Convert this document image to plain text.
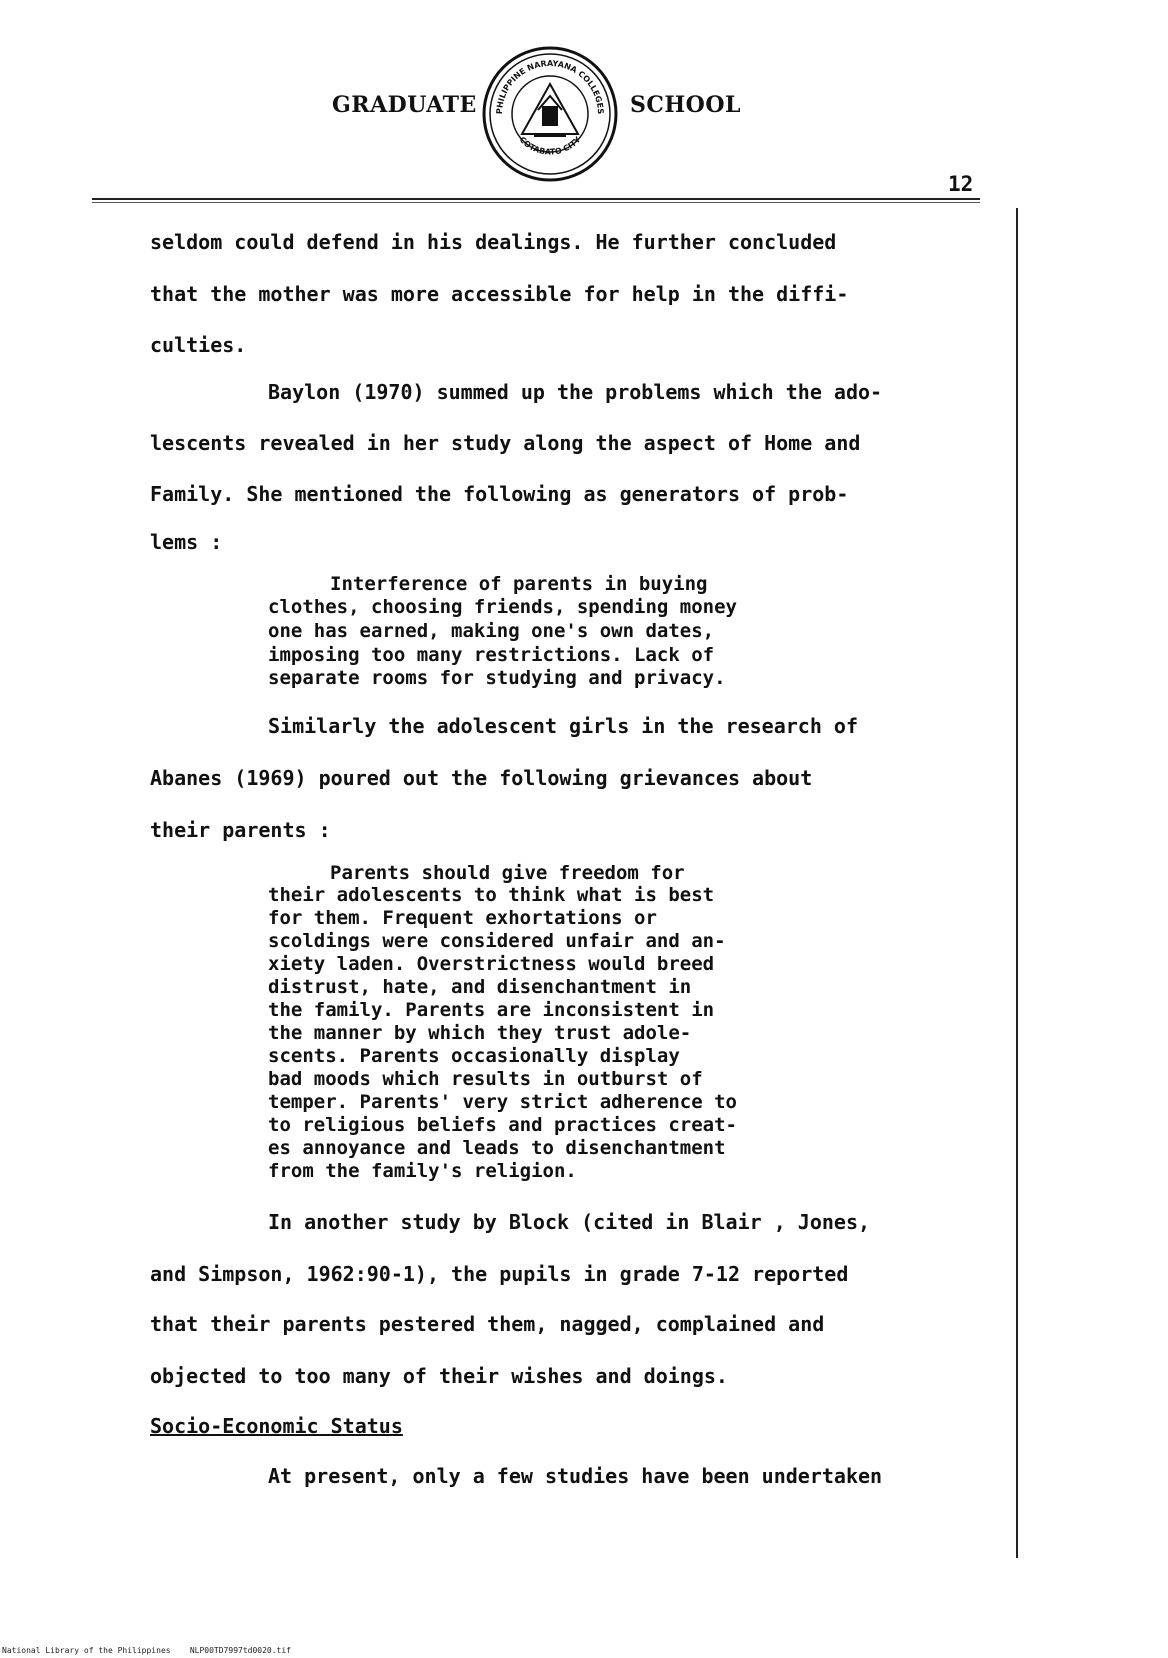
GRADUATE PHILIPPINE NARAYANA COLLEGES
COTABATO CITY
SCHOOL
12
seldom could defend in his dealings. He further concluded
that the mother was more accessible for help in the diffi-
culties.
Baylon (1970) summed up the problems which the ado-
lescents revealed in her study along the aspect of Home and
Family. She mentioned the following as generators of prob-
lems :
Interference of parents in buying
clothes, choosing friends, spending money
one has earned, making one's own dates,
imposing too many restrictions. Lack of
separate rooms for studying and privacy.
Similarly the adolescent girls in the research of
Abanes (1969) poured out the following grievances about
their parents :
Parents should give freedom for
their adolescents to think what is best
for them. Frequent exhortations or
scoldings were considered unfair and an-
xiety laden. Overstrictness would breed
distrust, hate, and disenchantment in
the family. Parents are inconsistent in
the manner by which they trust adole-
scents. Parents occasionally display
bad moods which results in outburst of
temper. Parents' very strict adherence to
to religious beliefs and practices creat-
es annoyance and leads to disenchantment
from the family's religion.
In another study by Block (cited in Blair , Jones,
and Simpson, 1962:90-1), the pupils in grade 7-12 reported
that their parents pestered them, nagged, complained and
objected to too many of their wishes and doings.
Socio-Economic Status
At present, only a few studies have been undertaken
National Library of the Philippines NLP00TD7997td0020.tif
